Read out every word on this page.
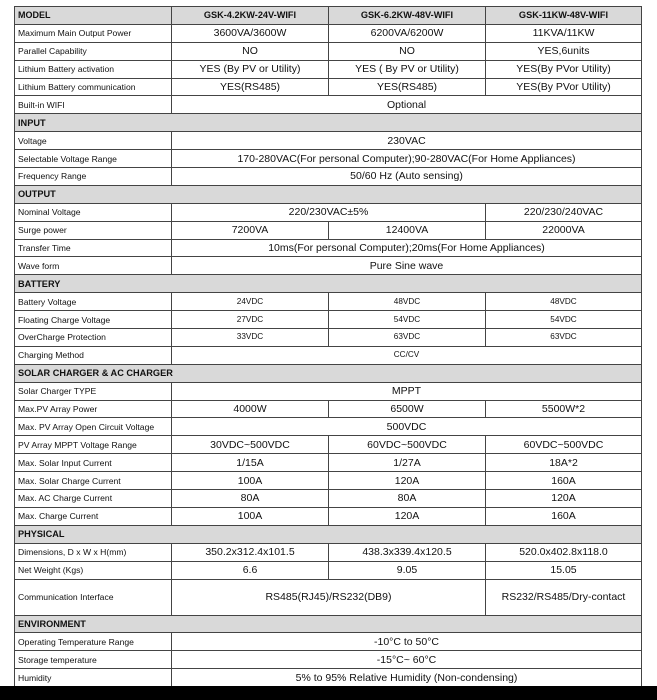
MODEL	GSK-4.2KW-24V-WIFI	GSK-6.2KW-48V-WIFI	GSK-11KW-48V-WIFI
Maximum Main Output Power	3600VA/3600W	6200VA/6200W	11KVA/11KW
Parallel Capability	NO	NO	YES,6units
Lithium Battery activation	YES (By PV or Utility)	YES ( By PV or Utility)	YES(By PVor Utility)
Lithium Battery communication	YES(RS485)	YES(RS485)	YES(By PVor Utility)
Built-in WIFI	Optional		
INPUT			
Voltage	230VAC		
Selectable Voltage Range	170-280VAC(For personal Computer);90-280VAC(For Home Appliances)		
Frequency Range	50/60 Hz (Auto sensing)		
OUTPUT			
Nominal Voltage	220/230VAC±5%		220/230/240VAC
Surge power	7200VA	12400VA	22000VA
Transfer Time	10ms(For personal Computer);20ms(For Home Appliances)		
Wave form	Pure Sine wave		
BATTERY			
Battery Voltage	24VDC	48VDC	48VDC
Floating Charge Voltage	27VDC	54VDC	54VDC
OverCharge Protection	33VDC	63VDC	63VDC
Charging Method	CC/CV		
SOLAR CHARGER & AC CHARGER			
Solar Charger TYPE	MPPT		
Max.PV Array Power	4000W	6500W	5500W*2
Max. PV Array Open Circuit Voltage	500VDC		
PV Array MPPT Voltage Range	30VDC~500VDC	60VDC~500VDC	60VDC~500VDC
Max. Solar Input Current	1/15A	1/27A	18A*2
Max. Solar Charge Current	100A	120A	160A
Max. AC Charge Current	80A	80A	120A
Max. Charge Current	100A	120A	160A
PHYSICAL			
Dimensions, D x W x H(mm)	350.2x312.4x101.5	438.3x339.4x120.5	520.0x402.8x118.0
Net Weight (Kgs)	6.6	9.05	15.05
Communication Interface	RS485(RJ45)/RS232(DB9)		RS232/RS485/Dry-contact
ENVIRONMENT			
Operating Temperature Range	-10°C to 50°C		
Storage temperature	-15°C~ 60°C		
Humidity	5% to 95% Relative Humidity (Non-condensing)		
